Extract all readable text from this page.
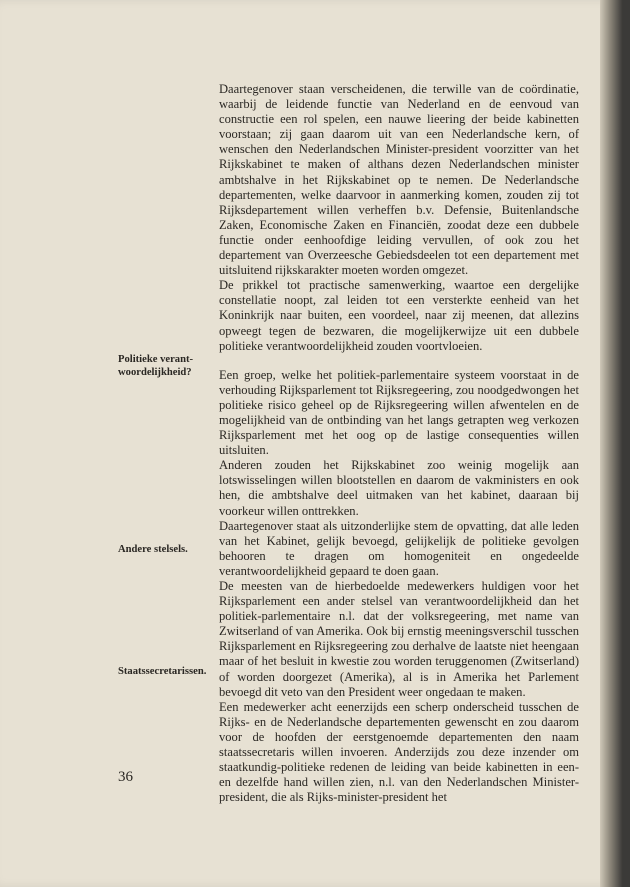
Daartegenover staan verscheidenen, die terwille van de coördinatie, waarbij de leidende functie van Nederland en de eenvoud van constructie een rol spelen, een nauwe lieering der beide kabinetten voorstaan; zij gaan daarom uit van een Nederlandsche kern, of wenschen den Nederlandschen Minister-president voorzitter van het Rijkskabinet te maken of althans dezen Nederlandschen minister ambtshalve in het Rijkskabinet op te nemen. De Nederlandsche departementen, welke daarvoor in aanmerking komen, zouden zij tot Rijksdepartement willen verheffen b.v. Defensie, Buitenlandsche Zaken, Economische Zaken en Financiën, zoodat deze een dubbele functie onder eenhoofdige leiding vervullen, of ook zou het departement van Overzeesche Gebiedsdeelen tot een departement met uitsluitend rijkskarakter moeten worden omgezet.

De prikkel tot practische samenwerking, waartoe een dergelijke constellatie noopt, zal leiden tot een versterkte eenheid van het Koninkrijk naar buiten, een voordeel, naar zij meenen, dat allezins opweegt tegen de bezwaren, die mogelijkerwijze uit een dubbele politieke verantwoordelijkheid zouden voortvloeien.

Een groep, welke het politiek-parlementaire systeem voorstaat in de verhouding Rijksparlement tot Rijksregeering, zou noodgedwongen het politieke risico geheel op de Rijksregeering willen afwentelen en de mogelijkheid van de ontbinding van het langs getrapten weg verkozen Rijksparlement met het oog op de lastige consequenties willen uitsluiten.

Anderen zouden het Rijkskabinet zoo weinig mogelijk aan lotswisselingen willen blootstellen en daarom de vakministers en ook hen, die ambtshalve deel uitmaken van het kabinet, daaraan bij voorkeur willen onttrekken.

Daartegenover staat als uitzonderlijke stem de opvatting, dat alle leden van het Kabinet, gelijk bevoegd, gelijkelijk de politieke gevolgen behooren te dragen om homogeniteit en ongedeelde verantwoordelijkheid gepaard te doen gaan.

De meesten van de hierbedoelde medewerkers huldigen voor het Rijksparlement een ander stelsel van verantwoordelijkheid dan het politiek-parlementaire n.l. dat der volksregeering, met name van Zwitserland of van Amerika. Ook bij ernstig meeningsverschil tusschen Rijksparlement en Rijksregeering zou derhalve de laatste niet heengaan maar of het besluit in kwestie zou worden teruggenomen (Zwitserland) of worden doorgezet (Amerika), al is in Amerika het Parlement bevoegd dit veto van den President weer ongedaan te maken.

Een medewerker acht eenerzijds een scherp onderscheid tusschen de Rijks- en de Nederlandsche departementen gewenscht en zou daarom voor de hoofden der eerstgenoemde departementen den naam staatssecretaris willen invoeren. Anderzijds zou deze inzender om staatkundig-politieke redenen de leiding van beide kabinetten in een- en dezelfde hand willen zien, n.l. van den Nederlandschen Minister-president, die als Rijks-minister-president het

Politieke verant-woordelijkheid?
Andere stelsels.
Staatssecretarissen.
36
